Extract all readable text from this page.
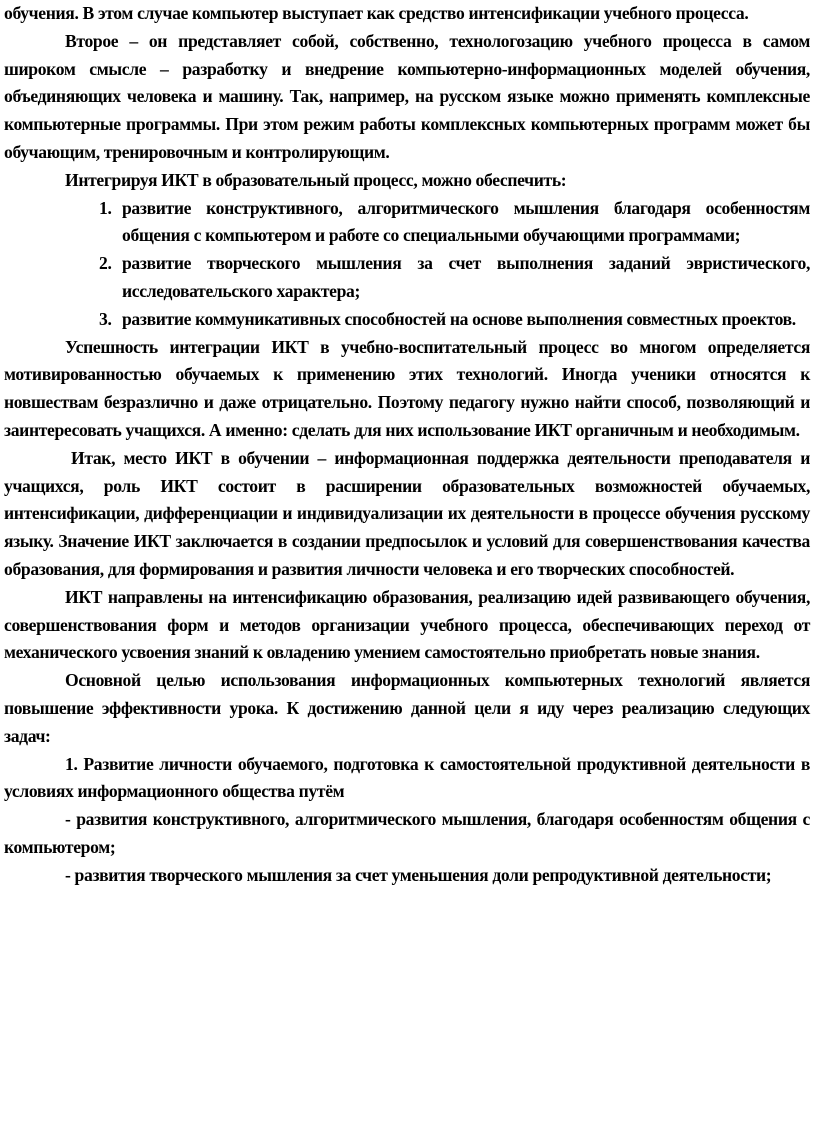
обучения. В этом случае компьютер выступает как средство интенсификации учебного процесса.

Второе – он представляет собой, собственно, технологозацию учебного процесса в самом широком смысле – разработку и внедрение компьютерно-информационных моделей обучения, объединяющих человека и машину. Так, например, на русском языке можно применять комплексные компьютерные программы. При этом режим работы комплексных компьютерных программ может бы обучающим, тренировочным и контролирующим.

Интегрируя ИКТ в образовательный процесс, можно обеспечить:

1. развитие конструктивного, алгоритмического мышления благодаря особенностям общения с компьютером и работе со специальными обучающими программами;
2. развитие творческого мышления за счет выполнения заданий эвристического, исследовательского характера;
3. развитие коммуникативных способностей на основе выполнения совместных проектов.

Успешность интеграции ИКТ в учебно-воспитательный процесс во многом определяется мотивированностью обучаемых к применению этих технологий. Иногда ученики относятся к новшествам безразлично и даже отрицательно. Поэтому педагогу нужно найти способ, позволяющий и заинтересовать учащихся. А именно: сделать для них использование ИКТ органичным и необходимым.

Итак, место ИКТ в обучении – информационная поддержка деятельности преподавателя и учащихся, роль ИКТ состоит в расширении образовательных возможностей обучаемых, интенсификации, дифференциации и индивидуализации их деятельности в процессе обучения русскому языку. Значение ИКТ заключается в создании предпосылок и условий для совершенствования качества образования, для формирования и развития личности человека и его творческих способностей.

ИКТ направлены на интенсификацию образования, реализацию идей развивающего обучения, совершенствования форм и методов организации учебного процесса, обеспечивающих переход от механического усвоения знаний к овладению умением самостоятельно приобретать новые знания.

Основной целью использования информационных компьютерных технологий является повышение эффективности урока. К достижению данной цели я иду через реализацию следующих задач:

1. Развитие личности обучаемого, подготовка к самостоятельной продуктивной деятельности в условиях информационного общества путём

- развития конструктивного, алгоритмического мышления, благодаря особенностям общения с компьютером;

- развития творческого мышления за счет уменьшения доли репродуктивной деятельности;
